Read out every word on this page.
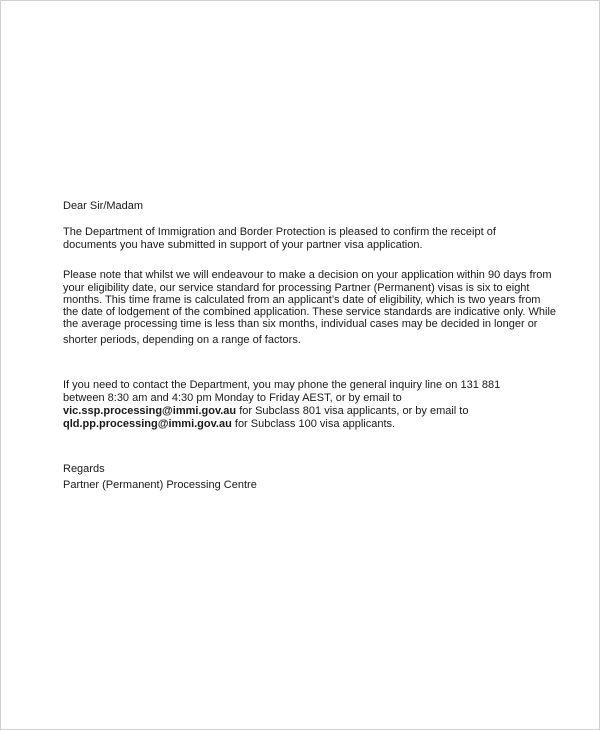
Dear Sir/Madam
The Department of Immigration and Border Protection is pleased to confirm the receipt of
documents you have submitted in support of your partner visa application.
Please note that whilst we will endeavour to make a decision on your application within 90 days from
your eligibility date, our service standard for processing Partner (Permanent) visas is six to eight
months. This time frame is calculated from an applicant’s date of eligibility, which is two years from
the date of lodgement of the combined application. These service standards are indicative only. While
the average processing time is less than six months, individual cases may be decided in longer or
shorter periods, depending on a range of factors.
If you need to contact the Department, you may phone the general inquiry line on 131 881
between 8:30 am and 4:30 pm Monday to Friday AEST, or by email to
vic.ssp.processing@immi.gov.au for Subclass 801 visa applicants, or by email to
qld.pp.processing@immi.gov.au for Subclass 100 visa applicants.
Regards
Partner (Permanent) Processing Centre
